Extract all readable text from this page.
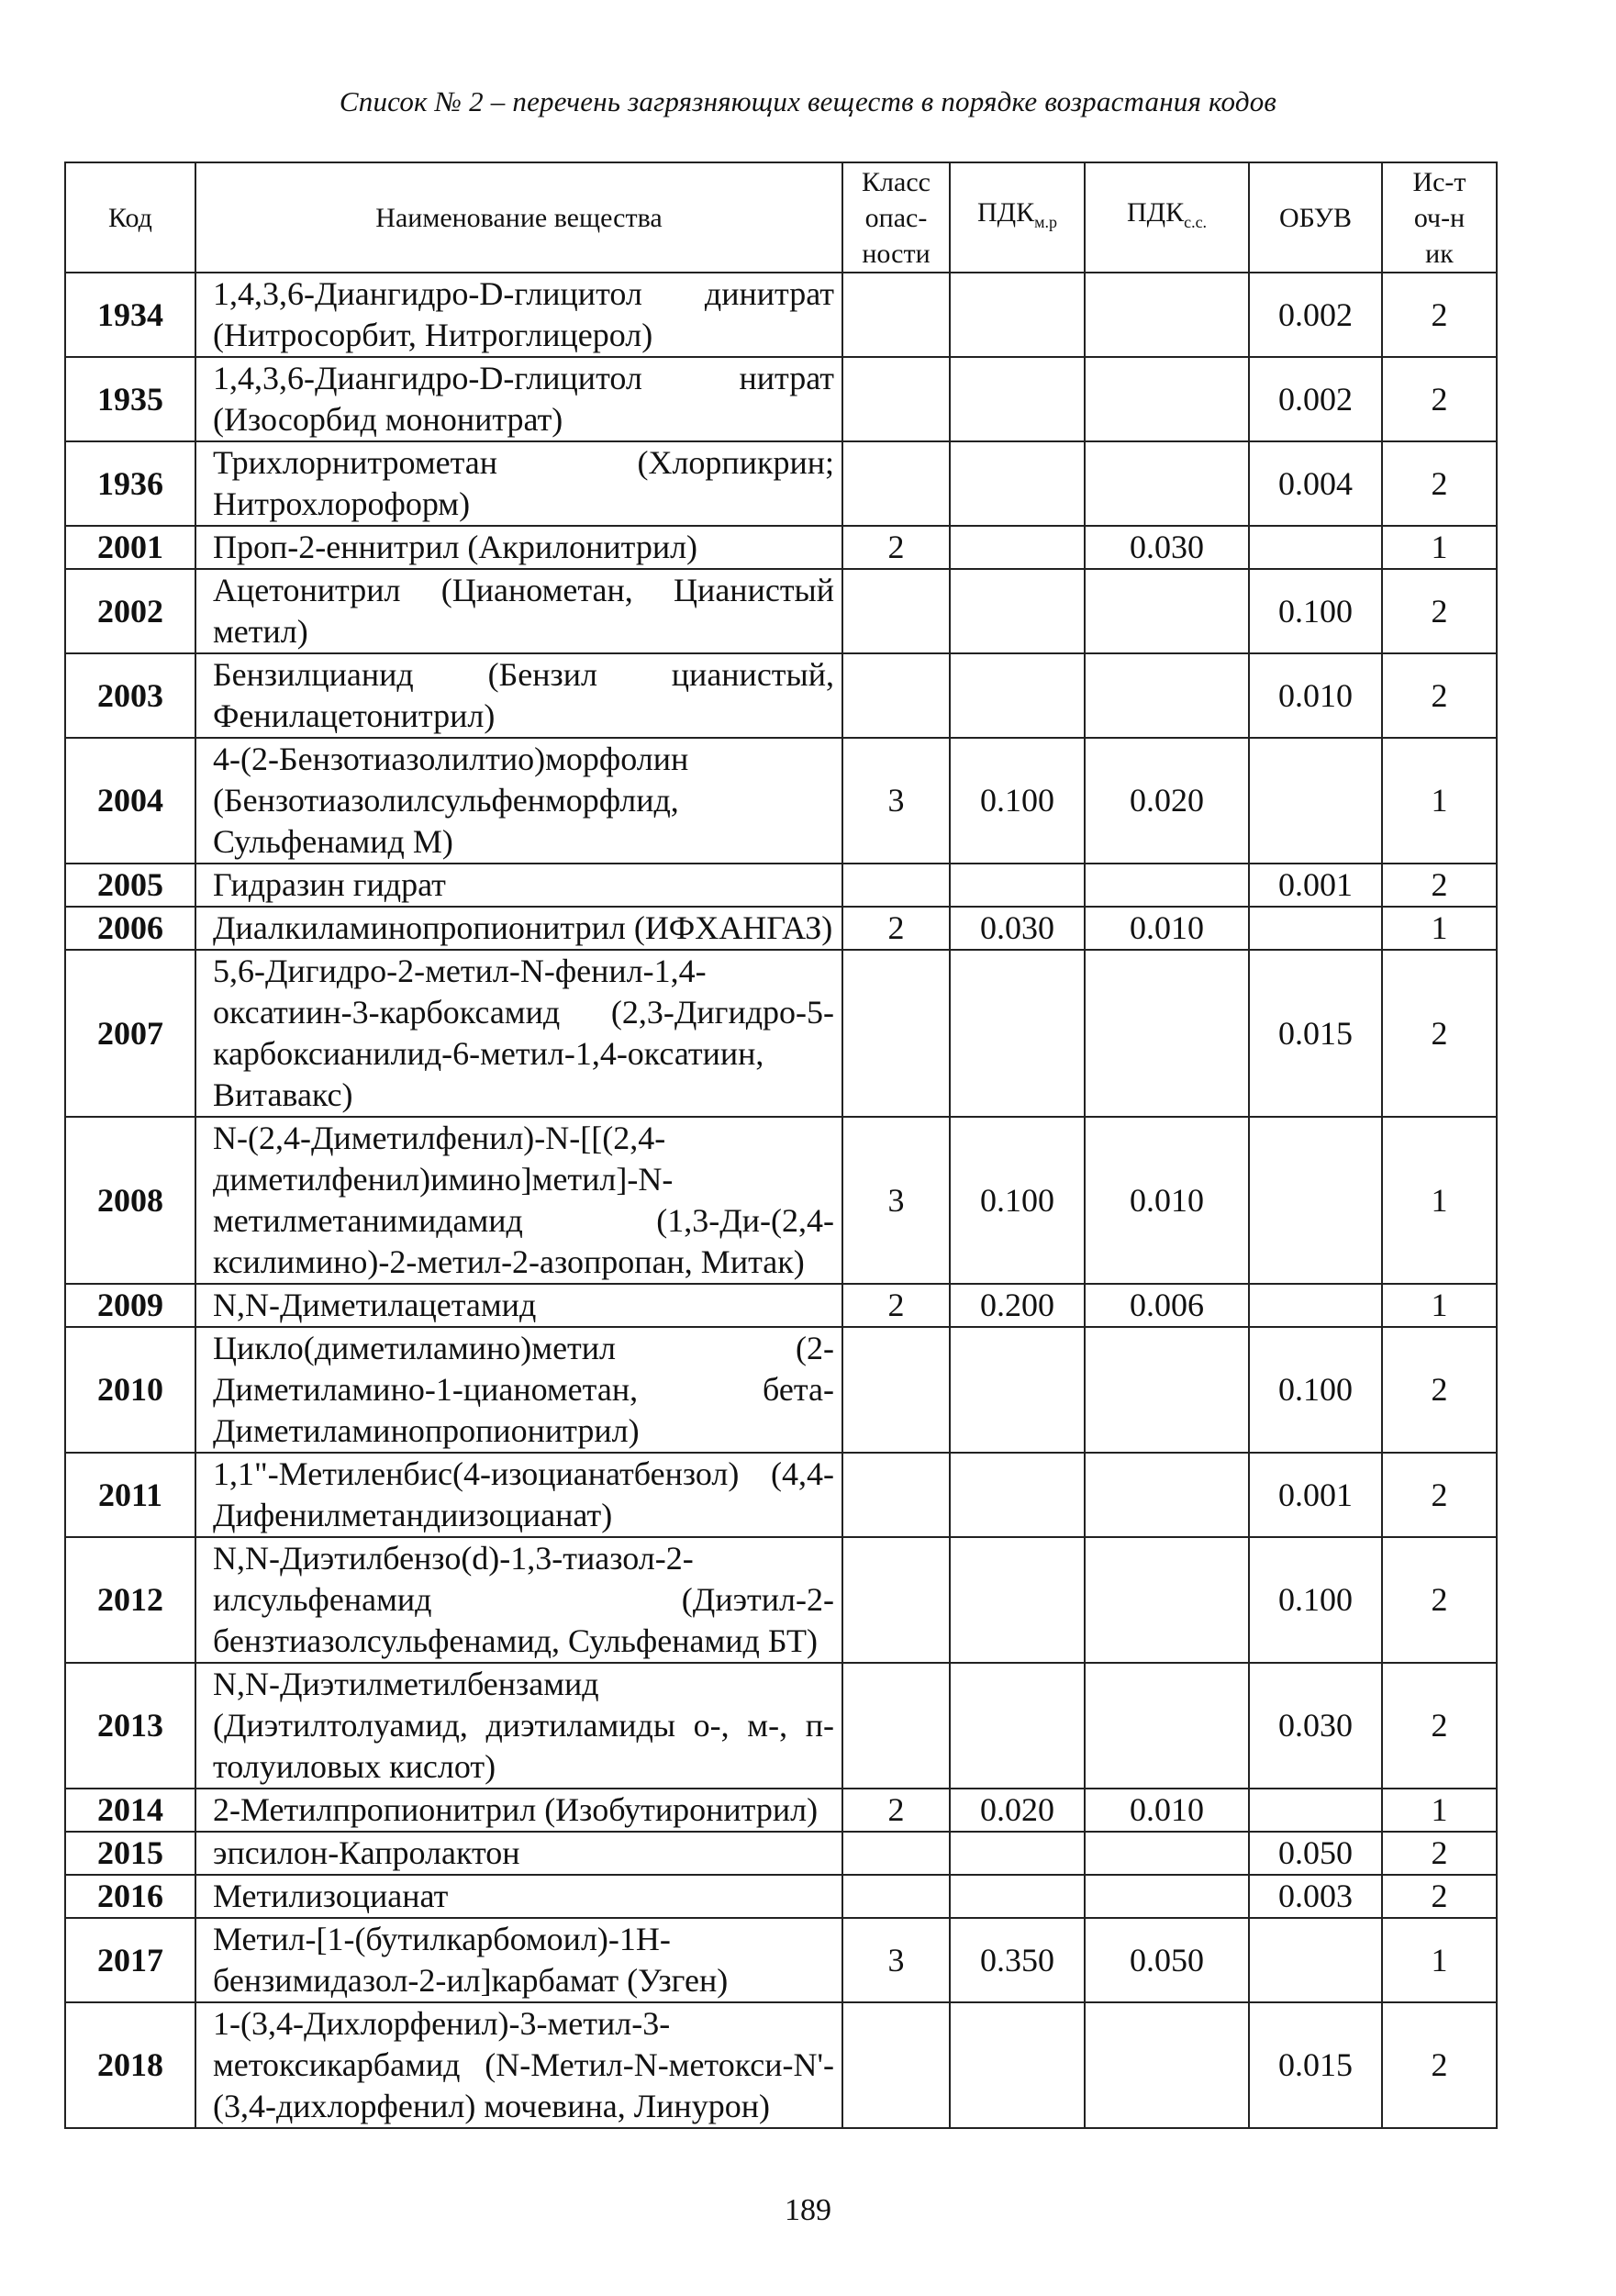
Список № 2 – перечень загрязняющих веществ в порядке возрастания кодов
Код	Наименование вещества	Класс опас-ности	$ПДК_{м.р}$	$ПДК_{с.с.}$	ОБУВ	Ис-точ-ник
1934	1,4,3,6-Диангидро-D-глицитол динитрат (Нитросорбит, Нитроглицерол)				0.002	2
1935	1,4,3,6-Диангидро-D-глицитол нитрат (Изосорбид мононитрат)				0.002	2
1936	Трихлорнитрометан (Хлорпикрин; Нитрохлороформ)				0.004	2
2001	Проп-2-еннитрил (Акрилонитрил)	2		0.030		1
2002	Ацетонитрил (Цианометан, Цианистый метил)				0.100	2
2003	Бензилцианид (Бензил цианистый, Фенилацетонитрил)				0.010	2
2004	4-(2-Бензотиазолилтио)морфолин (Бензотиазолилсульфенморфлид, Сульфенамид М)	3	0.100	0.020		1
2005	Гидразин гидрат				0.001	2
2006	Диалкиламинопропионитрил (ИФХАНГАЗ)	2	0.030	0.010		1
2007	5,6-Дигидро-2-метил-N-фенил-1,4-оксатиин-3-карбоксамид (2,3-Дигидро-5-карбоксианилид-6-метил-1,4-оксатиин, Витавакс)				0.015	2
2008	N-(2,4-Диметилфенил)-N-[[(2,4-диметилфенил)имино]метил]-N-метилметанимидамид (1,3-Ди-(2,4-ксилимино)-2-метил-2-азопропан, Митак)	3	0.100	0.010		1
2009	N,N-Диметилацетамид	2	0.200	0.006		1
2010	Цикло(диметиламино)метил (2-Диметиламино-1-цианометан, бета-Диметиламинопропионитрил)				0.100	2
2011	1,1"-Метиленбис(4-изоцианатбензол) (4,4-Дифенилметандиизоцианат)				0.001	2
2012	N,N-Диэтилбензо(d)-1,3-тиазол-2-илсульфенамид (Диэтил-2-бензтиазолсульфенамид, Сульфенамид БТ)				0.100	2
2013	N,N-Диэтилметилбензамид (Диэтилтолуамид, диэтиламиды о-, м-, п-толуиловых кислот)				0.030	2
2014	2-Метилпропионитрил (Изобутиронитрил)	2	0.020	0.010		1
2015	эпсилон-Капролактон				0.050	2
2016	Метилизоцианат				0.003	2
2017	Метил-[1-(бутилкарбомоил)-1Н-бензимидазол-2-ил]карбамат (Узген)	3	0.350	0.050		1
2018	1-(3,4-Дихлорфенил)-3-метил-3-метоксикарбамид (N-Метил-N-метокси-N'-(3,4-дихлорфенил) мочевина, Линурон)				0.015	2
189
